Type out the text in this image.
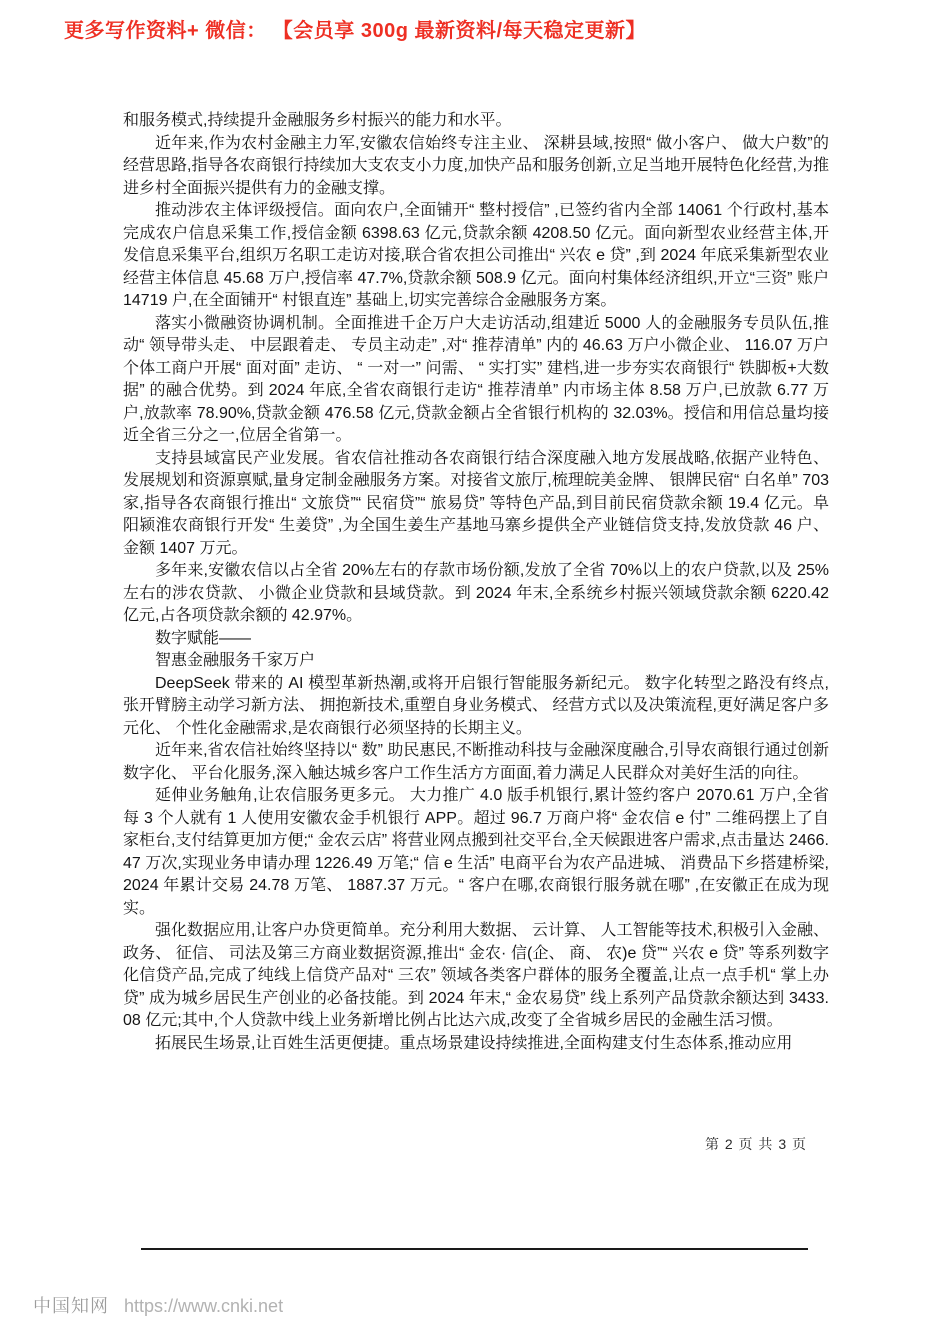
更多写作资料+ 微信： 【会员享 300g 最新资料/每天稳定更新】

和服务模式,持续提升金融服务乡村振兴的能力和水平。

近年来,作为农村金融主力军,安徽农信始终专注主业、 深耕县域,按照“ 做小客户、 做大户数”的经营思路,指导各农商银行持续加大支农支小力度,加快产品和服务创新,立足当地开展特色化经营,为推进乡村全面振兴提供有力的金融支撑。

推动涉农主体评级授信。面向农户,全面铺开“ 整村授信” ,已签约省内全部 14061 个行政村,基本完成农户信息采集工作,授信金额 6398.63 亿元,贷款余额 4208.50 亿元。面向新型农业经营主体,开发信息采集平台,组织万名职工走访对接,联合省农担公司推出“ 兴农 e 贷” ,到 2024 年底采集新型农业经营主体信息 45.68 万户,授信率 47.7%,贷款余额 508.9 亿元。面向村集体经济组织,开立“三资” 账户 14719 户,在全面铺开“ 村银直连” 基础上,切实完善综合金融服务方案。

落实小微融资协调机制。全面推进千企万户大走访活动,组建近 5000 人的金融服务专员队伍,推动“ 领导带头走、 中层跟着走、 专员主动走” ,对“ 推荐清单” 内的 46.63 万户小微企业、 116.07 万户个体工商户开展“ 面对面” 走访、 “ 一对一” 问需、 “ 实打实” 建档,进一步夯实农商银行“ 铁脚板+大数据” 的融合优势。到 2024 年底,全省农商银行走访“ 推荐清单” 内市场主体 8.58 万户,已放款 6.77 万户,放款率 78.90%,贷款金额 476.58 亿元,贷款金额占全省银行机构的 32.03%。授信和用信总量均接近全省三分之一,位居全省第一。

支持县域富民产业发展。省农信社推动各农商银行结合深度融入地方发展战略,依据产业特色、 发展规划和资源禀赋,量身定制金融服务方案。对接省文旅厅,梳理皖美金牌、 银牌民宿“ 白名单” 703 家,指导各农商银行推出“ 文旅贷”“ 民宿贷”“ 旅易贷” 等特色产品,到目前民宿贷款余额 19.4 亿元。阜阳颍淮农商银行开发“ 生姜贷” ,为全国生姜生产基地马寨乡提供全产业链信贷支持,发放贷款 46 户、 金额 1407 万元。

多年来,安徽农信以占全省 20%左右的存款市场份额,发放了全省 70%以上的农户贷款,以及 25%左右的涉农贷款、 小微企业贷款和县域贷款。到 2024 年末,全系统乡村振兴领域贷款余额 6220.42 亿元,占各项贷款余额的 42.97%。

数字赋能——

智惠金融服务千家万户

DeepSeek 带来的 AI 模型革新热潮,或将开启银行智能服务新纪元。 数字化转型之路没有终点,张开臂膀主动学习新方法、 拥抱新技术,重塑自身业务模式、 经营方式以及决策流程,更好满足客户多元化、 个性化金融需求,是农商银行必须坚持的长期主义。

近年来,省农信社始终坚持以“ 数” 助民惠民,不断推动科技与金融深度融合,引导农商银行通过创新数字化、 平台化服务,深入触达城乡客户工作生活方方面面,着力满足人民群众对美好生活的向往。

延伸业务触角,让农信服务更多元。 大力推广 4.0 版手机银行,累计签约客户 2070.61 万户,全省每 3 个人就有 1 人使用安徽农金手机银行 APP。超过 96.7 万商户将“ 金农信 e 付” 二维码摆上了自家柜台,支付结算更加方便;“ 金农云店” 将营业网点搬到社交平台,全天候跟进客户需求,点击量达 2466.47 万次,实现业务申请办理 1226.49 万笔;“ 信 e 生活” 电商平台为农产品进城、 消费品下乡搭建桥梁,2024 年累计交易 24.78 万笔、 1887.37 万元。“ 客户在哪,农商银行服务就在哪” ,在安徽正在成为现实。

强化数据应用,让客户办贷更简单。充分利用大数据、 云计算、 人工智能等技术,积极引入金融、 政务、 征信、 司法及第三方商业数据资源,推出“ 金农· 信(企、 商、 农)e 贷”“ 兴农 e 贷” 等系列数字化信贷产品,完成了纯线上信贷产品对“ 三农” 领域各类客户群体的服务全覆盖,让点一点手机“ 掌上办贷” 成为城乡居民生产创业的必备技能。到 2024 年末,“ 金农易贷” 线上系列产品贷款余额达到 3433.08 亿元;其中,个人贷款中线上业务新增比例占比达六成,改变了全省城乡居民的金融生活习惯。

拓展民生场景,让百姓生活更便捷。重点场景建设持续推进,全面构建支付生态体系,推动应用

第 2 页 共 3 页
中国知网 https://www.cnki.net
